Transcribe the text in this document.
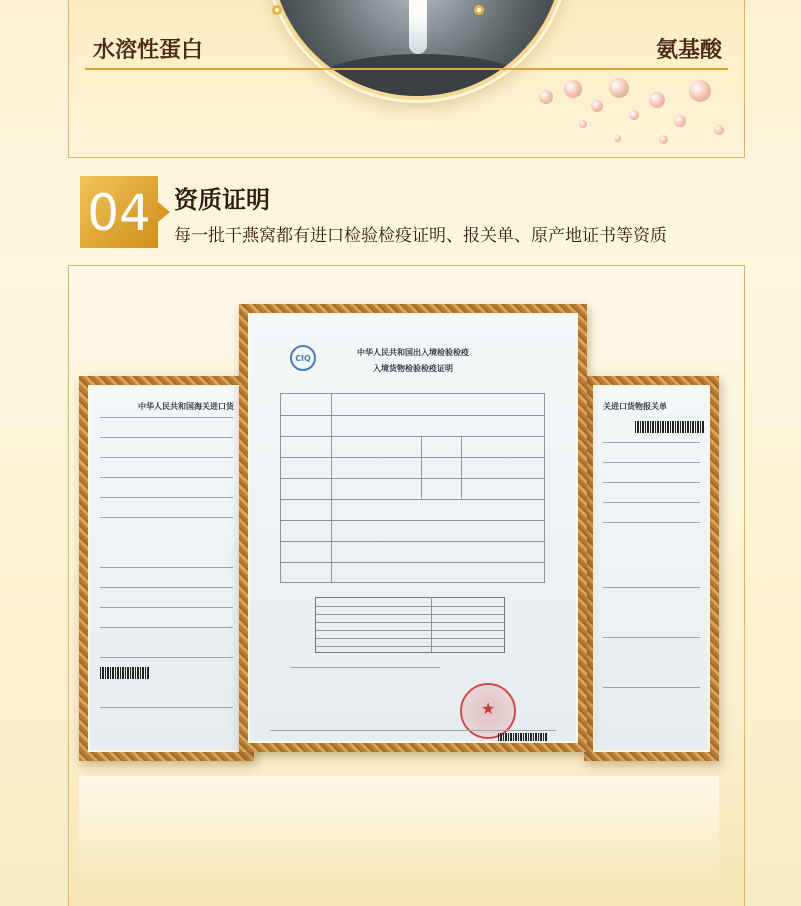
水溶性蛋白	氨基酸
04 资质证明
每一批干燕窝都有进口检验检疫证明、报关单、原产地证书等资质
中华人民共和国海关进口货	关进口货物报关单
CIQ
中华人民共和国出入境检验检疫
入境货物检验检疫证明
★
